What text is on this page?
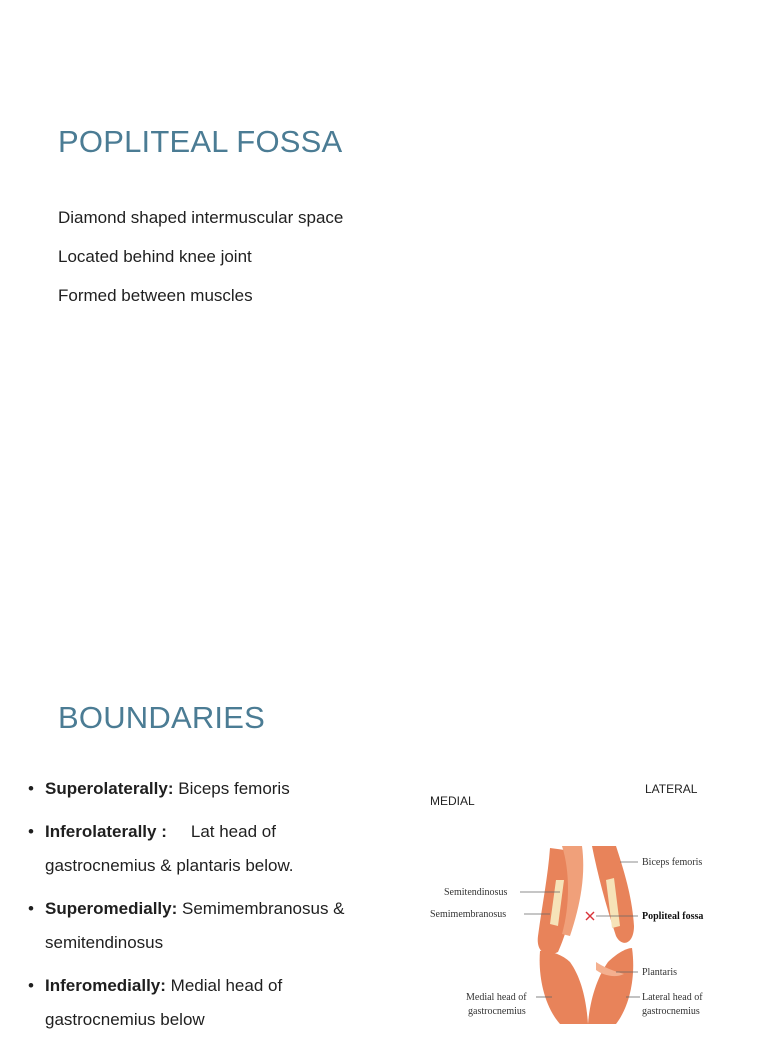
POPLITEAL FOSSA
Diamond shaped intermuscular space
Located behind knee joint
Formed between muscles
BOUNDARIES
• Superolaterally: Biceps femoris
• Inferolaterally : Lat head of gastrocnemius & plantaris below.
• Superomedially: Semimembranosus & semitendinosus
• Inferomedially: Medial head of gastrocnemius below
MEDIAL
LATERAL
Biceps femoris
Semitendinosus
Semimembranosus	Popliteal fossa
Plantaris
Medial head of
gastrocnemius
Lateral head of
gastrocnemius
